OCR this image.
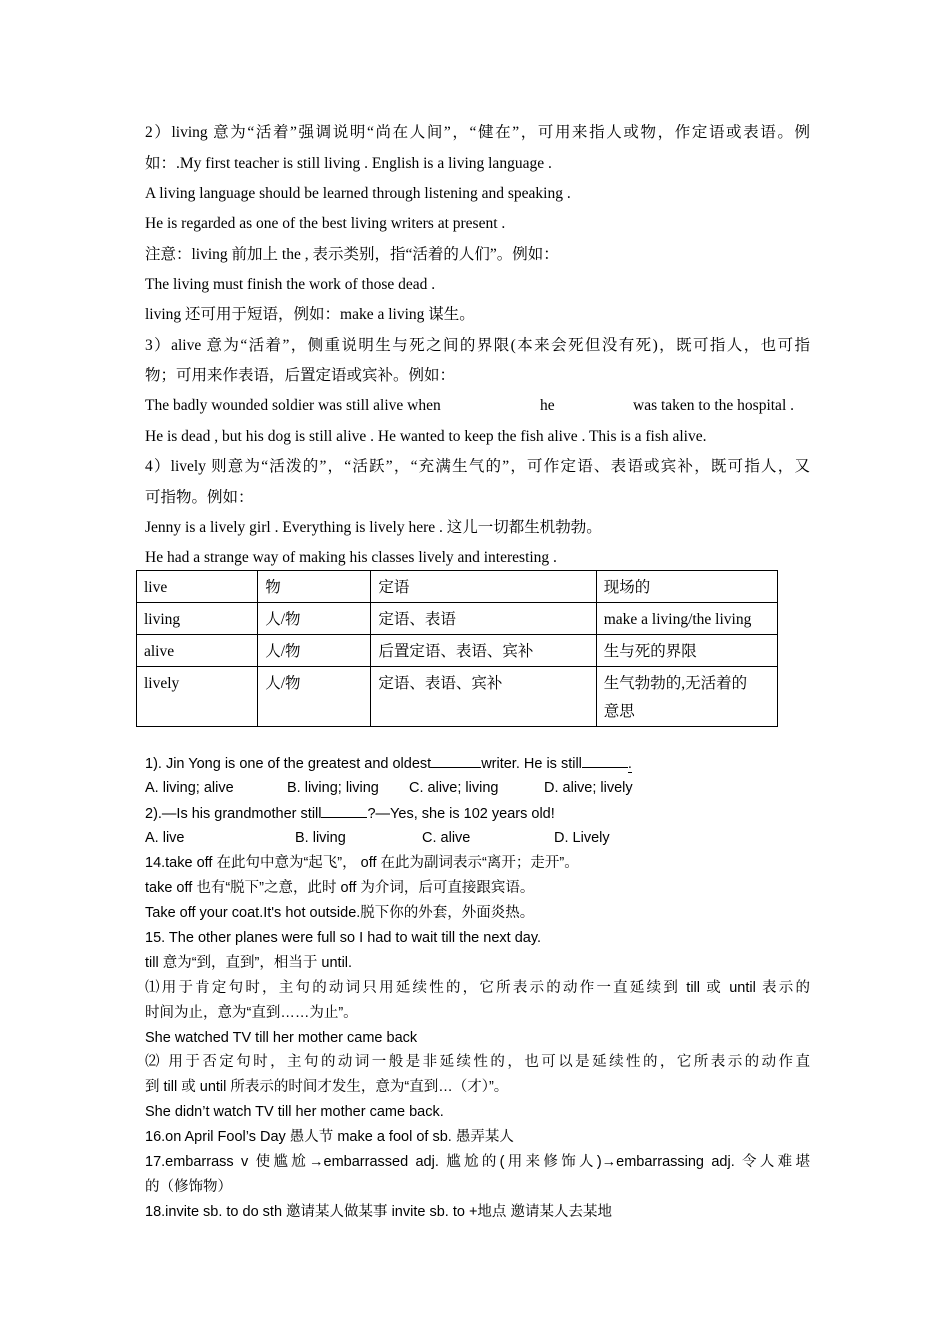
2）living 意为“活着”强调说明“尚在人间”，“健在”，可用来指人或物，作定语或表语。例
如：.My first teacher is still living . English is a living language .
A living language should be learned through listening and speaking .
He is regarded as one of the best living writers at present .
注意：living 前加上 the , 表示类别，指“活着的人们”。例如：
The living must finish the work of those dead .
living 还可用于短语，例如：make a living 谋生。
3）alive 意为“活着”，侧重说明生与死之间的界限(本来会死但没有死)，既可指人，也可指
物；可用来作表语，后置定语或宾补。例如：
The badly wounded soldier was still alive when	he	was taken to the hospital .
He is dead , but his dog is still alive . He wanted to keep the fish alive . This is a fish alive.
4）lively 则意为“活泼的”，“活跃”，“充满生气的”，可作定语、表语或宾补，既可指人，又
可指物。例如：
Jenny is a lively girl . Everything is lively here . 这儿一切都生机勃勃。
He had a strange way of making his classes lively and interesting .
live	物	定语	现场的
living	人/物	定语、表语	make a living/the living
alive	人/物	后置定语、表语、宾补	生与死的界限
lively	人/物	定语、表语、宾补	生气勃勃的,无活着的
意思
1). Jin Yong is one of the greatest and oldest	writer. He is still	.
A. living; alive	B. living; living C. alive; living	D. alive; lively
2).—Is his grandmother still	?—Yes, she is 102 years old!
A. live	B. living	C. alive	D. Lively
14.take off 在此句中意为“起飞”， off 在此为副词表示“离开；走开”。
take off 也有“脱下”之意，此时 off 为介词，后可直接跟宾语。
Take off your coat.It's hot outside.脱下你的外套，外面炎热。
15. The other planes were full so I had to wait till the next day.
till 意为“到，直到”，相当于 until.
⑴用于肯定句时，主句的动词只用延续性的，它所表示的动作一直延续到 till 或 until 表示的
时间为止，意为“直到……为止”。
She watched TV till her mother came back
⑵ 用于否定句时，主句的动词一般是非延续性的，也可以是延续性的，它所表示的动作直
到 till 或 until 所表示的时间才发生，意为“直到…（才）”。
She didn’t watch TV till her mother came back.
16.on April Fool’s Day 愚人节 make a fool of sb. 愚弄某人
17.embarrass v 使尴尬→embarrassed adj. 尴尬的(用来修饰人)→embarrassing adj. 令人难堪
的（修饰物）
18.invite sb. to do sth 邀请某人做某事 invite sb. to +地点 邀请某人去某地
